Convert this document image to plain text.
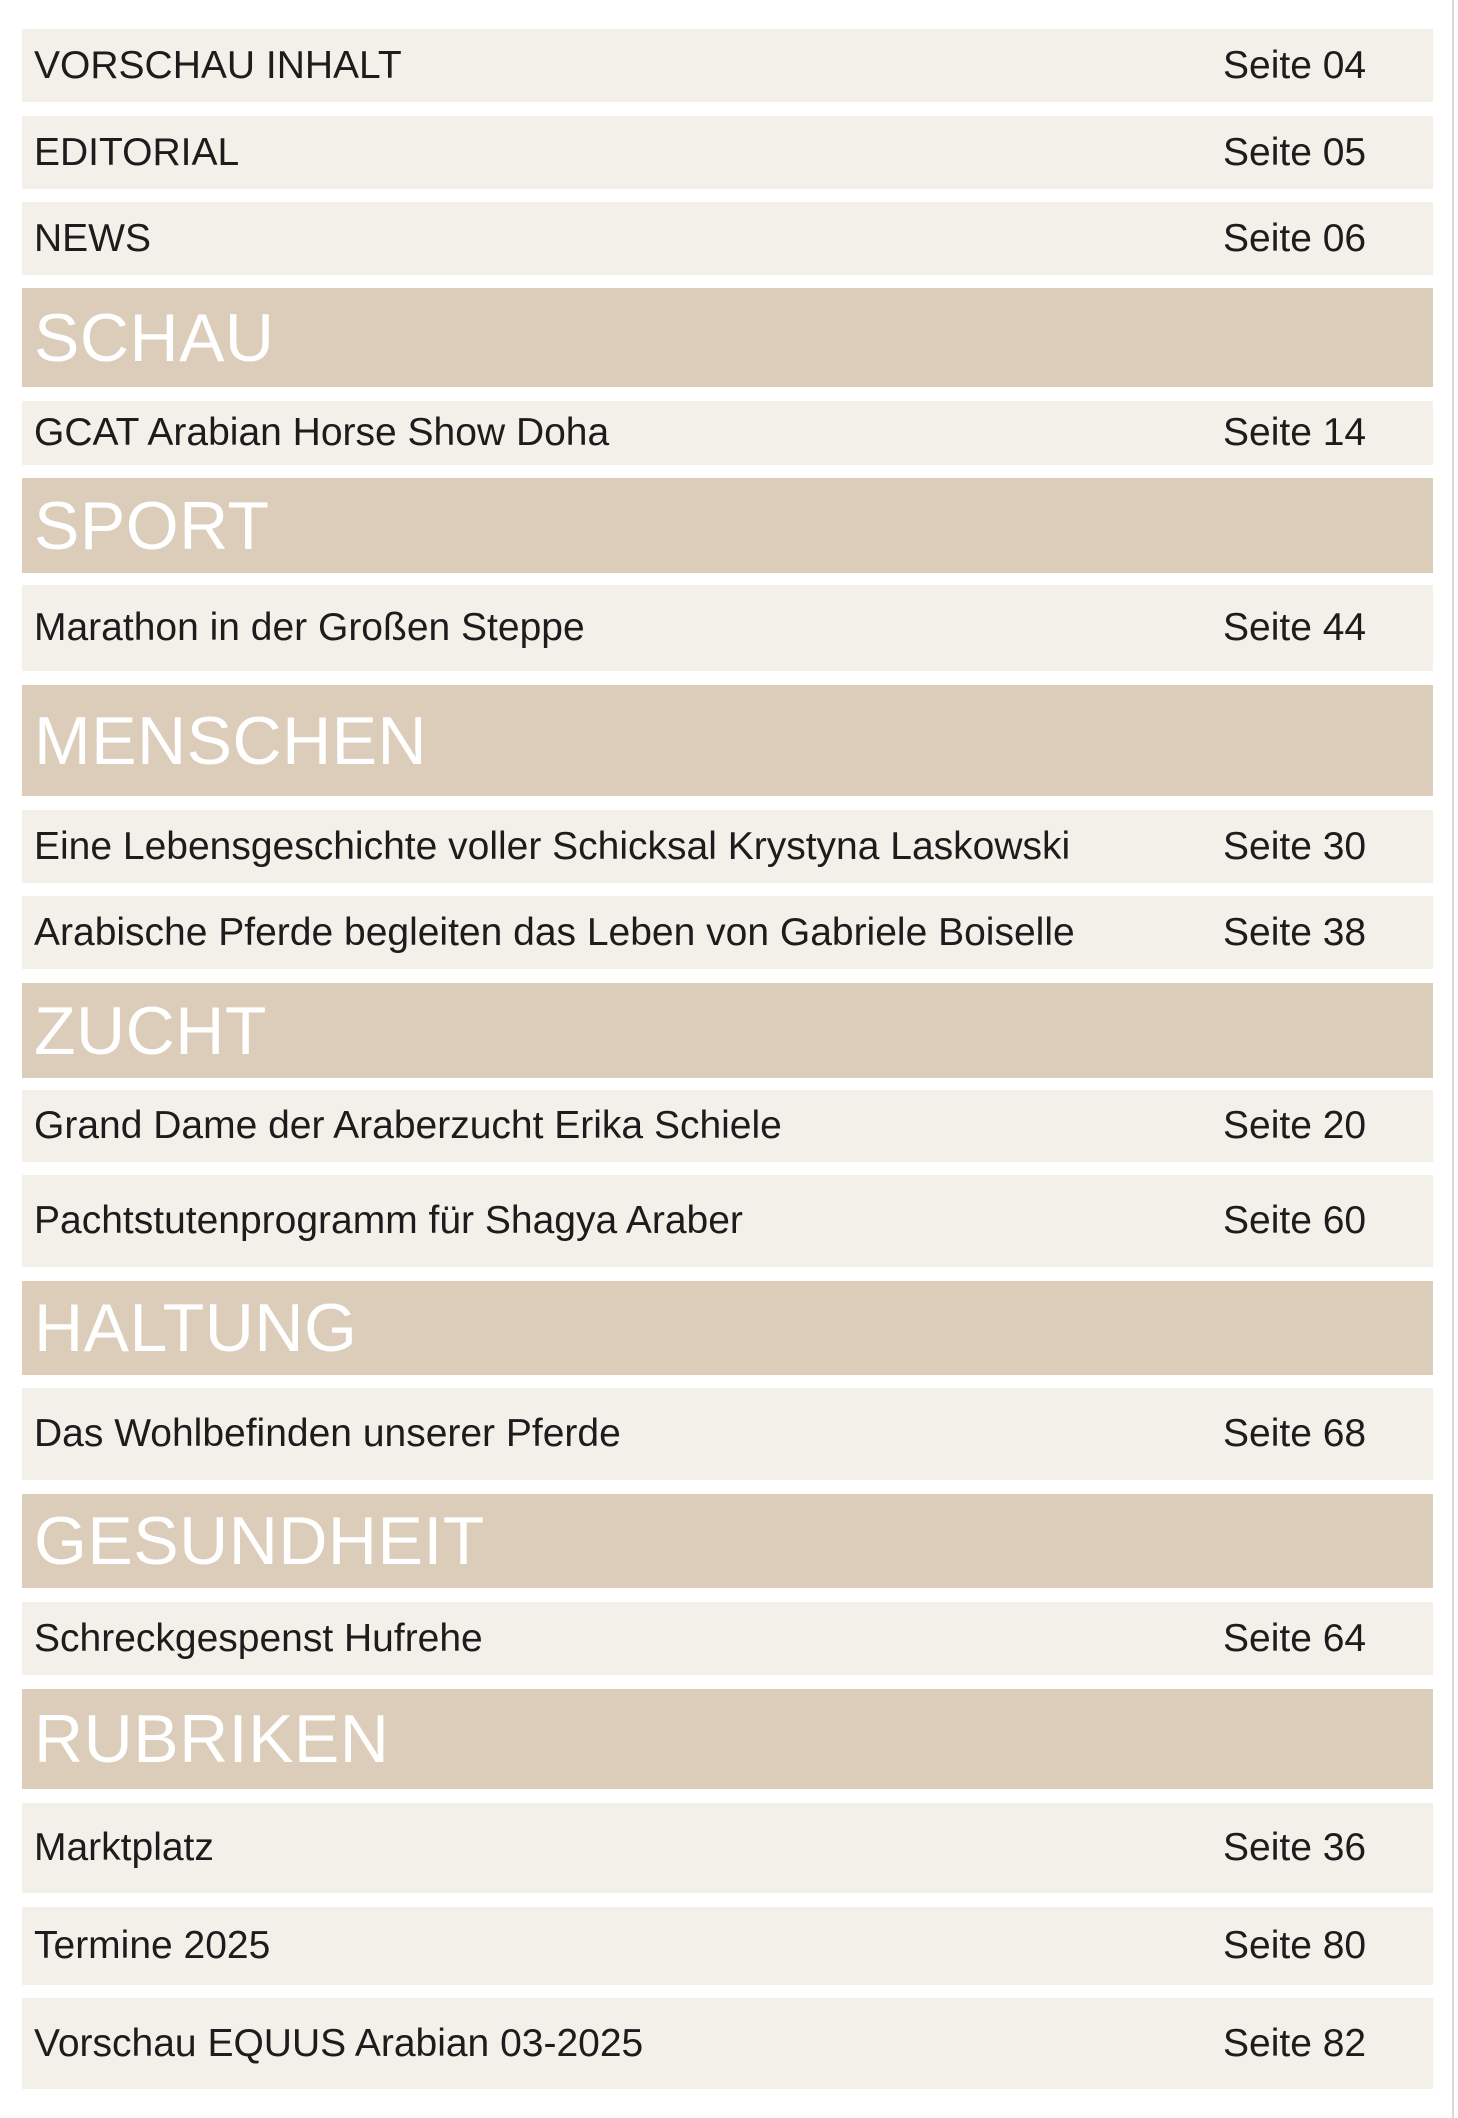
VORSCHAU INHALT	Seite 04
EDITORIAL	Seite 05
NEWS	Seite 06
SCHAU
GCAT Arabian Horse Show Doha	Seite 14
SPORT
Marathon in der Großen Steppe	Seite 44
MENSCHEN
Eine Lebensgeschichte voller Schicksal Krystyna Laskowski	Seite 30
Arabische Pferde begleiten das Leben von Gabriele Boiselle	Seite 38
ZUCHT
Grand Dame der Araberzucht Erika Schiele	Seite 20
Pachtstutenprogramm für Shagya Araber	Seite 60
HALTUNG
Das Wohlbefinden unserer Pferde	Seite 68
GESUNDHEIT
Schreckgespenst Hufrehe	Seite 64
RUBRIKEN
Marktplatz	Seite 36
Termine 2025	Seite 80
Vorschau EQUUS Arabian 03-2025	Seite 82
